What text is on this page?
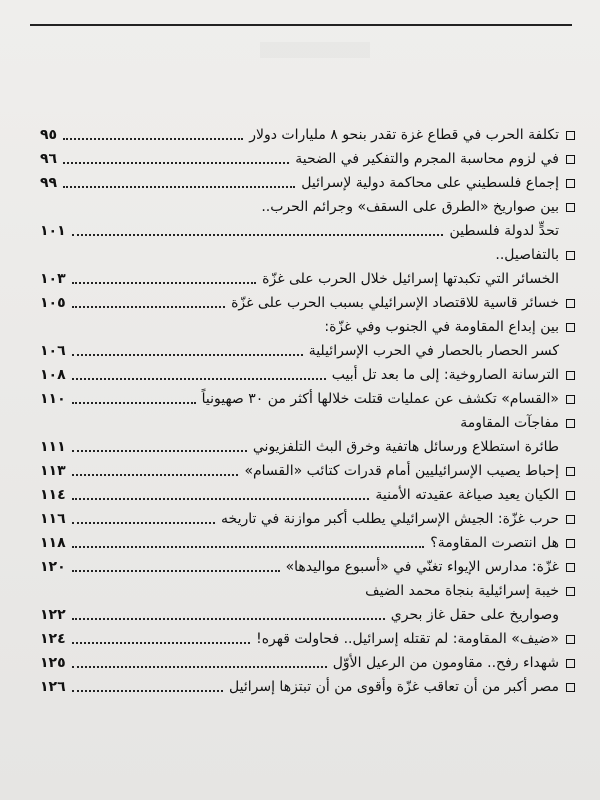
تكلفة الحرب في قطاع غزة تقدر بنحو ٨ مليارات دولار
٩٥
في لزوم محاسبة المجرم والتفكير في الضحية
٩٦
إجماع فلسطيني على محاكمة دولية لإسرائيل
٩٩
بين صواريخ «الطرق على السقف» وجرائم الحرب..
تحدٍّ لدولة فلسطين
١٠١
بالتفاصيل..
الخسائر التي تكبدتها إسرائيل خلال الحرب على غزّة
١٠٣
خسائر قاسية للاقتصاد الإسرائيلي بسبب الحرب على غزّة
١٠٥
بين إبداع المقاومة في الجنوب وفي غزّة:
كسر الحصار بالحصار في الحرب الإسرائيلية
١٠٦
الترسانة الصاروخية: إلى ما بعد تل أبيب
١٠٨
«القسام» تكشف عن عمليات قتلت خلالها أكثر من ٣٠ صهيونياً
١١٠
مفاجآت المقاومة
طائرة استطلاع ورسائل هاتفية وخرق البث التلفزيوني
١١١
إحباط يصيب الإسرائيليين أمام قدرات كتائب «القسام»
١١٣
الكيان يعيد صياغة عقيدته الأمنية
١١٤
حرب غزّة: الجيش الإسرائيلي يطلب أكبر موازنة في تاريخه
١١٦
هل انتصرت المقاومة؟
١١٨
غزّة: مدارس الإيواء تغنّي في «أسبوع مواليدها»
١٢٠
خيبة إسرائيلية بنجاة محمد الضيف
وصواريخ على حقل غاز بحري
١٢٢
«ضيف» المقاومة: لم تقتله إسرائيل.. فحاولت قهره!
١٢٤
شهداء رفح.. مقاومون من الرعيل الأوّل
١٢٥
مصر أكبر من أن تعاقب غزّة وأقوى من أن تبتزها إسرائيل
١٢٦
